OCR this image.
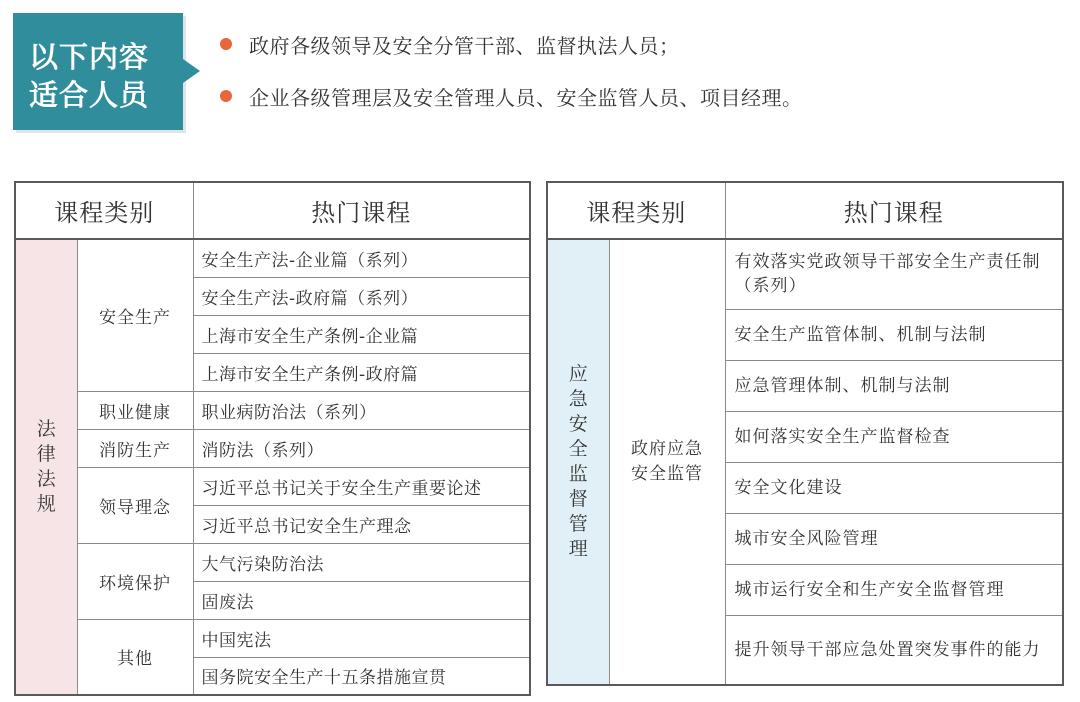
以下内容
适合人员
政府各级领导及安全分管干部、监督执法人员；
企业各级管理层及安全管理人员、安全监管人员、项目经理。
课程类别		热门课程
法律法规	安全生产	安全生产法-企业篇（系列）
		安全生产法-政府篇（系列）
		上海市安全生产条例-企业篇
		上海市安全生产条例-政府篇
	职业健康	职业病防治法（系列）
	消防生产	消防法（系列）
	领导理念	习近平总书记关于安全生产重要论述
		习近平总书记安全生产理念
	环境保护	大气污染防治法
		固废法
	其他	中国宪法
		国务院安全生产十五条措施宣贯
课程类别		热门课程
应急安全监督管理	政府应急安全监管	有效落实党政领导干部安全生产责任制（系列）
		安全生产监管体制、机制与法制
		应急管理体制、机制与法制
		如何落实安全生产监督检查
		安全文化建设
		城市安全风险管理
		城市运行安全和生产安全监督管理
		提升领导干部应急处置突发事件的能力
